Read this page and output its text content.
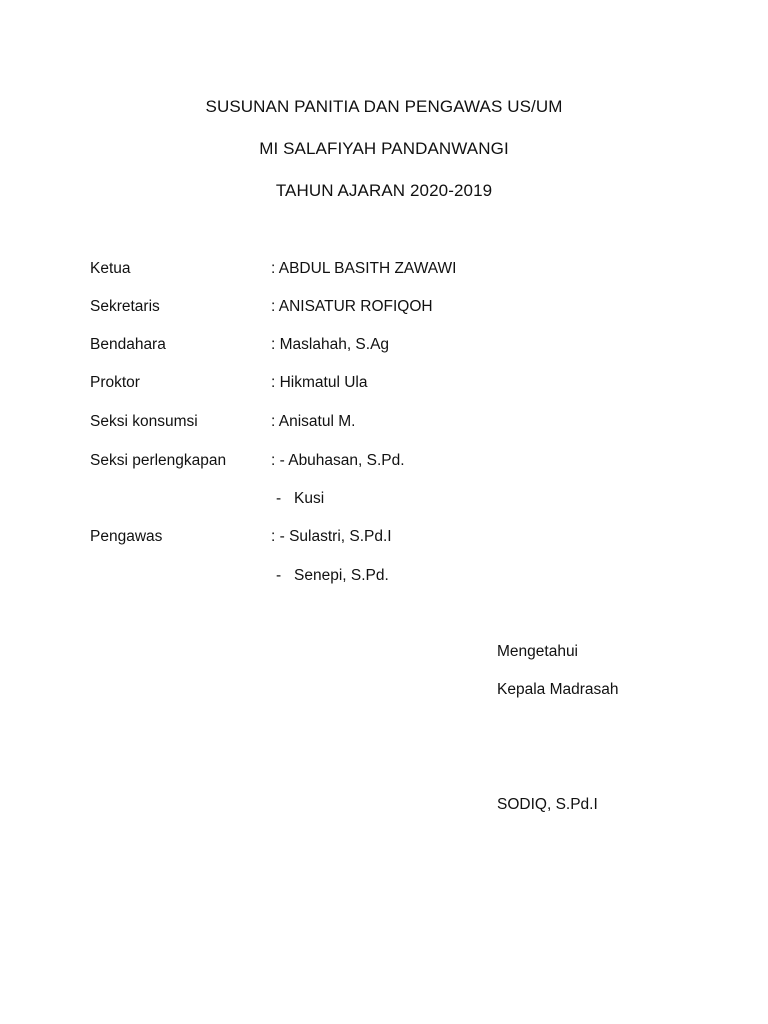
SUSUNAN PANITIA DAN PENGAWAS US/UM
MI SALAFIYAH PANDANWANGI
TAHUN AJARAN 2020-2019
Ketua	: ABDUL BASITH ZAWAWI
Sekretaris	: ANISATUR ROFIQOH
Bendahara	: Maslahah, S.Ag
Proktor	: Hikmatul Ula
Seksi konsumsi	: Anisatul M.
Seksi perlengkapan	: - Abuhasan, S.Pd.
- Kusi
Pengawas	: - Sulastri, S.Pd.I
- Senepi, S.Pd.
Mengetahui
Kepala Madrasah
SODIQ, S.Pd.I
